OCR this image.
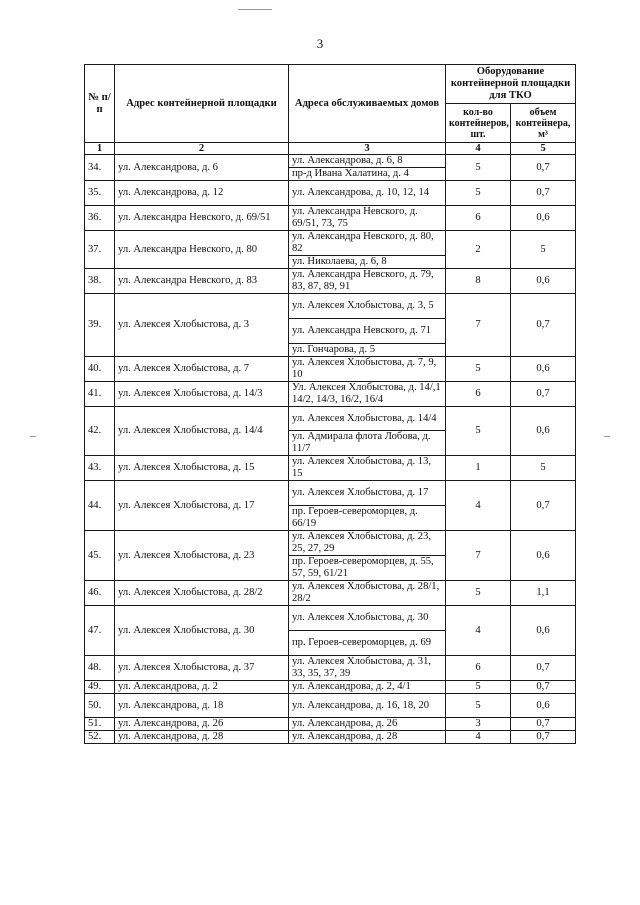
3
№ п/п	Адрес контейнерной площадки	Адреса обслуживаемых домов	Оборудование контейнерной площадки для ТКО	
			кол-во контейнеров, шт.	объем контейнера, м³
1	2	3	4	5
34.	ул. Александрова, д. 6	ул. Александрова, д. 6, 8	5	0,7
		пр-д Ивана Халатина, д. 4		
35.	ул. Александрова, д. 12	ул. Александрова, д. 10, 12, 14	5	0,7
36.	ул. Александра Невского, д. 69/51	ул. Александра Невского, д. 69/51, 73, 75	6	0,6
37.	ул. Александра Невского, д. 80	ул. Александра Невского, д. 80, 82	2	5
		ул. Николаева, д. 6, 8		
38.	ул. Александра Невского, д. 83	ул. Александра Невского, д. 79, 83, 87, 89, 91	8	0,6
39.	ул. Алексея Хлобыстова, д. 3	ул. Алексея Хлобыстова, д. 3, 5	7	0,7
		ул. Александра Невского, д. 71		
		ул. Гончарова, д. 5		
40.	ул. Алексея Хлобыстова, д. 7	ул. Алексея Хлобыстова, д. 7, 9, 10	5	0,6
41.	ул. Алексея Хлобыстова, д. 14/3	Ул. Алексея Хлобыстова, д. 14/,1 14/2, 14/3, 16/2, 16/4	6	0,7
42.	ул. Алексея Хлобыстова, д. 14/4	ул. Алексея Хлобыстова, д. 14/4	5	0,6
		ул. Адмирала флота Лобова, д. 11/7		
43.	ул. Алексея Хлобыстова, д. 15	ул. Алексея Хлобыстова, д. 13, 15	1	5
44.	ул. Алексея Хлобыстова, д. 17	ул. Алексея Хлобыстова, д. 17	4	0,7
		пр. Героев-североморцев, д. 66/19		
45.	ул. Алексея Хлобыстова, д. 23	ул. Алексея Хлобыстова, д. 23, 25, 27, 29	7	0,6
		пр. Героев-североморцев, д. 55, 57, 59, 61/21		
46.	ул. Алексея Хлобыстова, д. 28/2	ул. Алексея Хлобыстова, д. 28/1, 28/2	5	1,1
47.	ул. Алексея Хлобыстова, д. 30	ул. Алексея Хлобыстова, д. 30	4	0,6
		пр. Героев-североморцев, д. 69		
48.	ул. Алексея Хлобыстова, д. 37	ул. Алексея Хлобыстова, д. 31, 33, 35, 37, 39	6	0,7
49.	ул. Александрова, д. 2	ул. Александрова, д. 2, 4/1	5	0,7
50.	ул. Александрова, д. 18	ул. Александрова, д. 16, 18, 20	5	0,6
51.	ул. Александрова, д. 26	ул. Александрова, д. 26	3	0,7
52.	ул. Александрова, д. 28	ул. Александрова, д. 28	4	0,7
